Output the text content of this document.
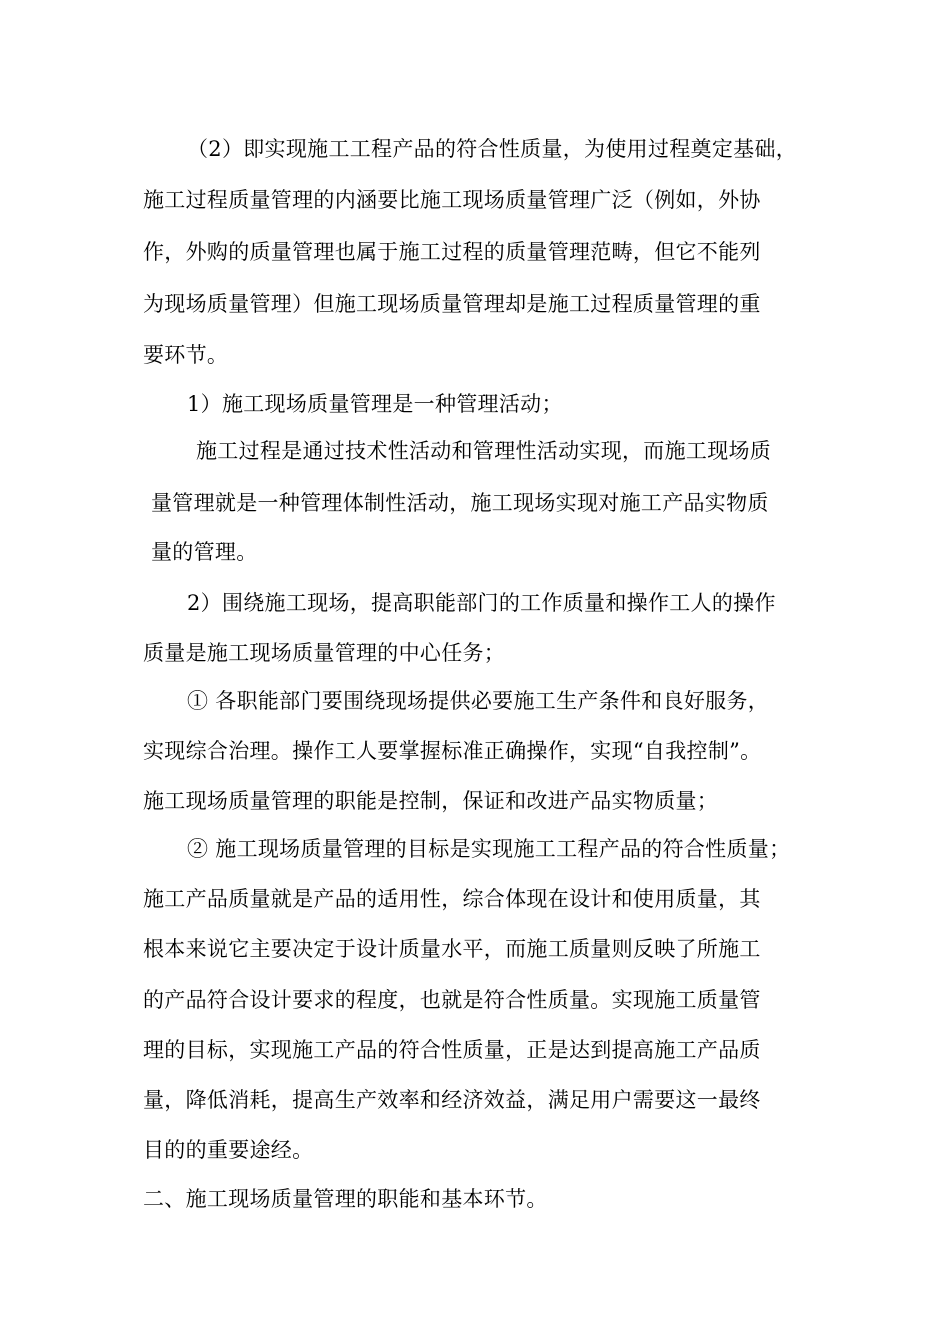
（2）即实现施工工程产品的符合性质量，为使用过程奠定基础，
施工过程质量管理的内涵要比施工现场质量管理广泛（例如，外协
作，外购的质量管理也属于施工过程的质量管理范畴，但它不能列
为现场质量管理）但施工现场质量管理却是施工过程质量管理的重
要环节。
1）施工现场质量管理是一种管理活动；
施工过程是通过技术性活动和管理性活动实现，而施工现场质
量管理就是一种管理体制性活动，施工现场实现对施工产品实物质
量的管理。
2）围绕施工现场，提高职能部门的工作质量和操作工人的操作
质量是施工现场质量管理的中心任务；
① 各职能部门要围绕现场提供必要施工生产条件和良好服务，
实现综合治理。操作工人要掌握标准正确操作，实现“自我控制”。
施工现场质量管理的职能是控制，保证和改进产品实物质量；
② 施工现场质量管理的目标是实现施工工程产品的符合性质量；
施工产品质量就是产品的适用性，综合体现在设计和使用质量，其
根本来说它主要决定于设计质量水平，而施工质量则反映了所施工
的产品符合设计要求的程度，也就是符合性质量。实现施工质量管
理的目标，实现施工产品的符合性质量，正是达到提高施工产品质
量，降低消耗，提高生产效率和经济效益，满足用户需要这一最终
目的的重要途经。
二、施工现场质量管理的职能和基本环节。
